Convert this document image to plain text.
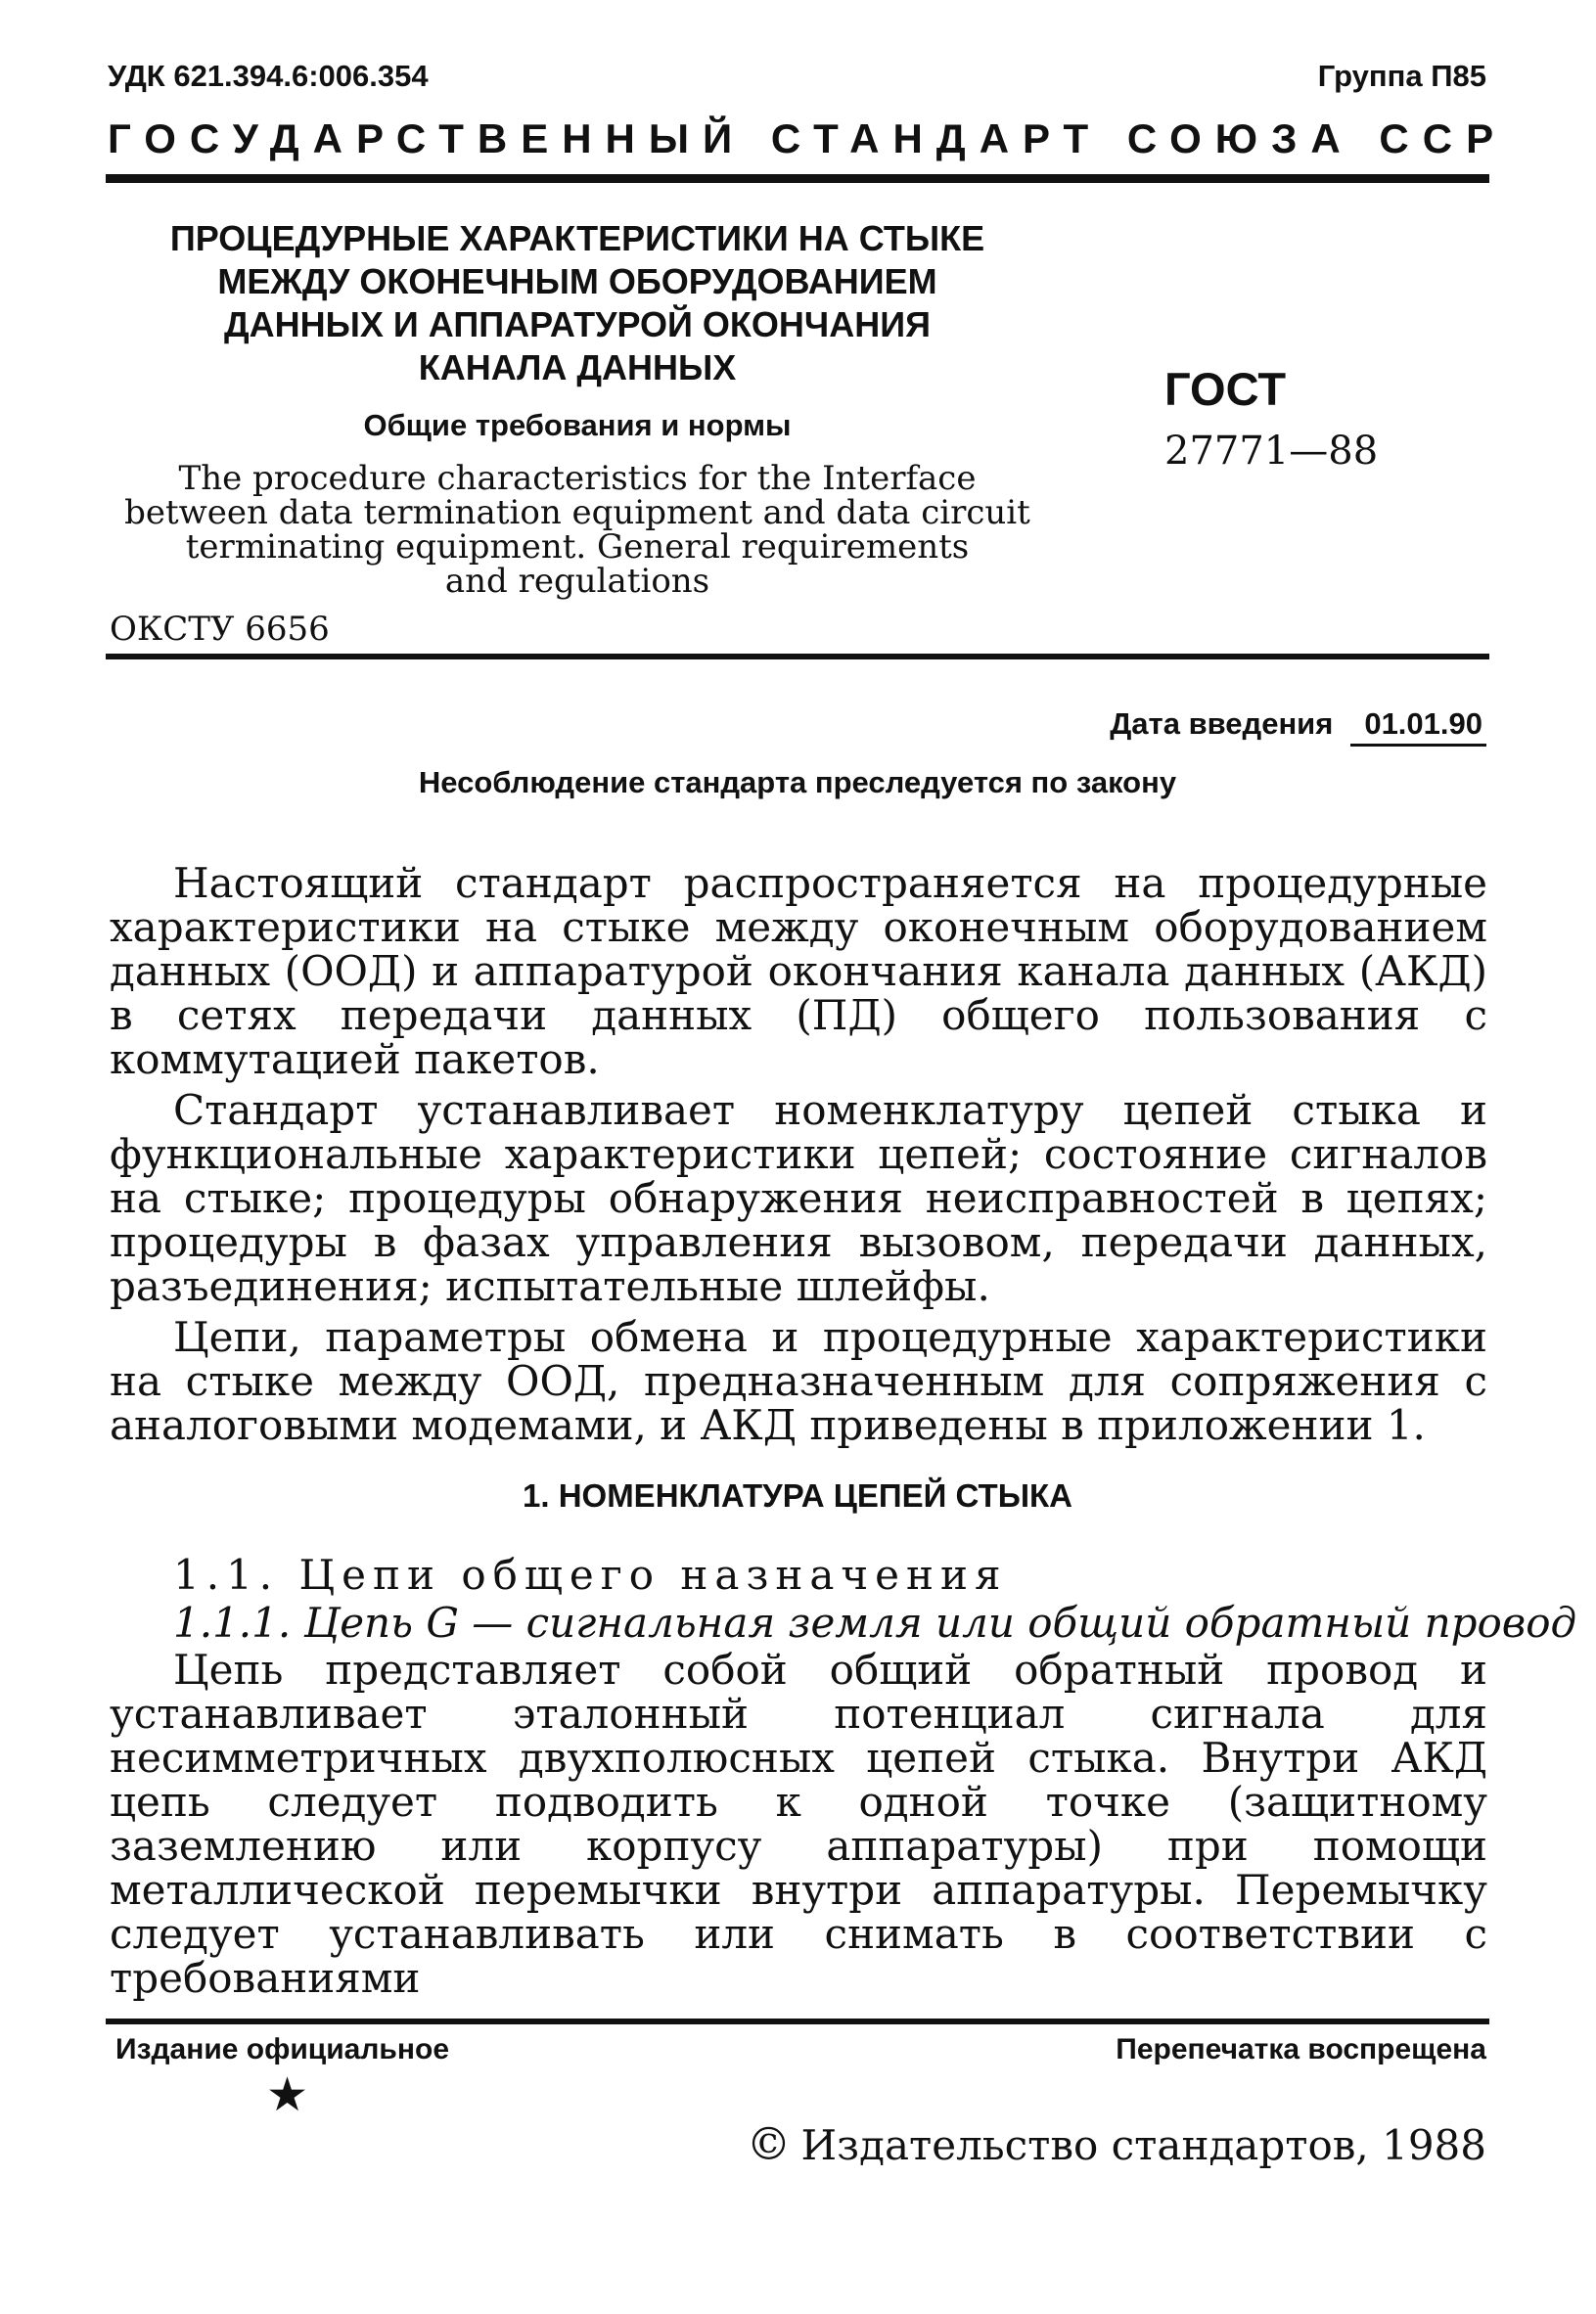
УДК 621.394.6:006.354	Группа П85
ГОСУДАРСТВЕННЫЙ СТАНДАРТ СОЮЗА ССР
ПРОЦЕДУРНЫЕ ХАРАКТЕРИСТИКИ НА СТЫКЕ
МЕЖДУ ОКОНЕЧНЫМ ОБОРУДОВАНИЕМ
ДАННЫХ И АППАРАТУРОЙ ОКОНЧАНИЯ
КАНАЛА ДАННЫХ
Общие требования и нормы
The procedure characteristics for the Interface
between data termination equipment and data circuit
terminating equipment. General requirements
and regulations
ОКСТУ 6656
ГОСТ
27771—88
Дата введения 01.01.90
Несоблюдение стандарта преследуется по закону

Настоящий стандарт распространяется на процедурные характеристики на стыке между оконечным оборудованием данных (ООД) и аппаратурой окончания канала данных (АКД) в сетях передачи данных (ПД) общего пользования с коммутацией пакетов.

Стандарт устанавливает номенклатуру цепей стыка и функциональные характеристики цепей; состояние сигналов на стыке; процедуры обнаружения неисправностей в цепях; процедуры в фазах управления вызовом, передачи данных, разъединения; испытательные шлейфы.

Цепи, параметры обмена и процедурные характеристики на стыке между ООД, предназначенным для сопряжения с аналоговыми модемами, и АКД приведены в приложении 1.

1. НОМЕНКЛАТУРА ЦЕПЕЙ СТЫКА
1.1. Цепи общего назначения
1.1.1. Цепь G — сигнальная земля или общий обратный провод

Цепь представляет собой общий обратный провод и устанавливает эталонный потенциал сигнала для несимметричных двухполюсных цепей стыка. Внутри АКД цепь следует подводить к одной точке (защитному заземлению или корпусу аппаратуры) при помощи металлической перемычки внутри аппаратуры. Перемычку следует устанавливать или снимать в соответствии с требованиями

Издание официальное	Перепечатка воспрещена
★
© Издательство стандартов, 1988
